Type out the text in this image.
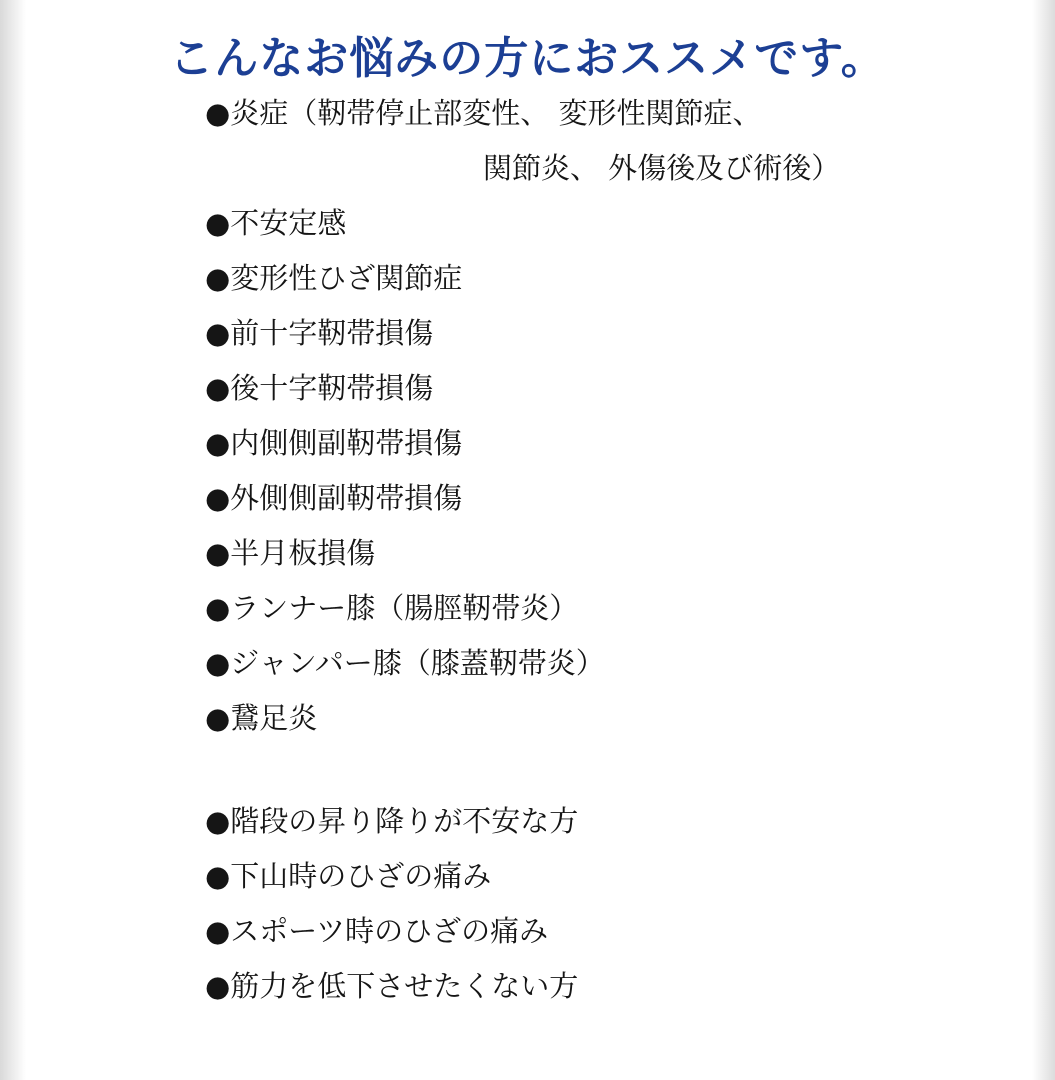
こんなお悩みの方におススメです。
●炎症（靭帯停止部変性、 変形性関節症、
関節炎、 外傷後及び術後）
●不安定感
●変形性ひざ関節症
●前十字靭帯損傷
●後十字靭帯損傷
●内側側副靭帯損傷
●外側側副靭帯損傷
●半月板損傷
●ランナー膝（腸脛靭帯炎）
●ジャンパー膝（膝蓋靭帯炎）
●鵞足炎
●階段の昇り降りが不安な方
●下山時のひざの痛み
●スポーツ時のひざの痛み
●筋力を低下させたくない方
